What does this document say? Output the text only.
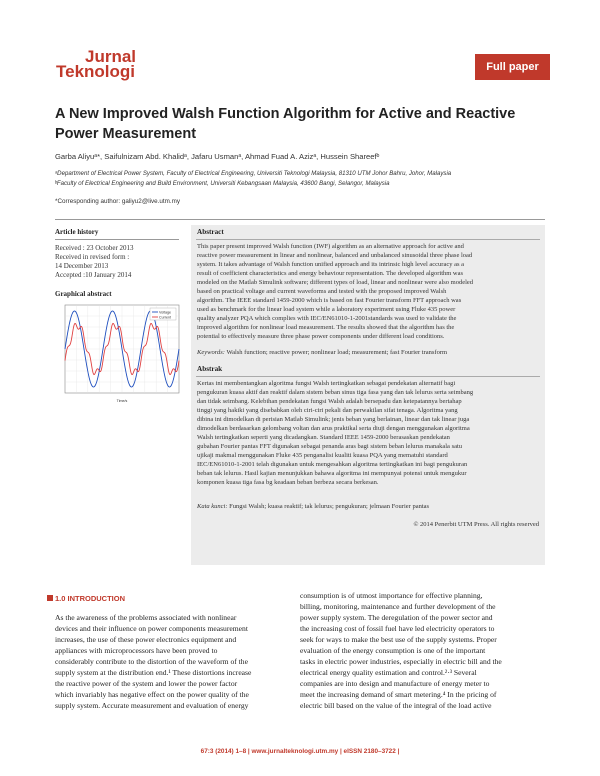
Jurnal
Teknologi	Full paper
A New Improved Walsh Function Algorithm for Active and Reactive
Power Measurement
Garba Aliyuᵃ*, Saifulnizam Abd. Khalidᵃ, Jafaru Usmanᵃ, Ahmad Fuad A. Azizᵃ, Hussein Shareefᵇ
ᵃDepartment of Electrical Power System, Faculty of Electrical Engineering, Universiti Teknologi Malaysia, 81310 UTM Johor Bahru, Johor, Malaysia
ᵇFaculty of Electrical Engineering and Build Environment, Universiti Kebangsaan Malaysia, 43600 Bangi, Selangor, Malaysia
*Corresponding author: galiyu2@live.utm.my
Article history
Received : 23 October 2013
Received in revised form :
14 December 2013
Accepted :10 January 2014
Graphical abstract
Voltage
Current
Time/s
Abstract
This paper present improved Walsh function (IWF) algorithm as an alternative approach for active and
reactive power measurement in linear and nonlinear, balanced and unbalanced sinusoidal three phase load
system. It takes advantage of Walsh function unified approach and its intrinsic high level accuracy as a
result of coefficient characteristics and energy behaviour representation. The developed algorithm was
modeled on the Matlab Simulink software; different types of load, linear and nonlinear were also modeled
based on practical voltage and current waveforms and tested with the proposed improved Walsh
algorithm. The IEEE standard 1459-2000 which is based on fast Fourier transform FFT approach was
used as benchmark for the linear load system while a laboratory experiment using Fluke 435 power
quality analyzer PQA which complies with IEC/EN61010-1-2001standards was used to validate the
improved algorithm for nonlinear load measurement. The results showed that the algorithm has the
potential to effectively measure three phase power components under different load conditions.
Keywords: Walsh function; reactive power; nonlinear load; measurement; fast Fourier transform
Abstrak
Kertas ini membentangkan algoritma fungsi Walsh tertingkatkan sebagai pendekatan alternatif bagi
pengukuran kuasa aktif dan reaktif dalam sistem beban sinus tiga fasa yang dan tak lelurus serta seimbang
dan tidak seimbang. Kelebihan pendekatan fungsi Walsh adalah bersepadu dan ketepatannya bertahap
tinggi yang hakiki yang disebabkan oleh ciri-ciri pekali dan perwakilan sifat tenaga. Algoritma yang
dibina ini dimodelkan di perisian Matlab Simulink; jenis beban yang berlainan, linear dan tak linear juga
dimodelkan berdasarkan gelombang voltan dan arus praktikal serta diuji dengan menggunakan algoritma
Walsh tertingkatkan seperti yang dicadangkan. Standard IEEE 1459-2000 berasaskan pendekatan
gubahan Fourier pantas FFT digunakan sebagai penanda aras bagi sistem beban lelurus manakala satu
ujikaji makmal menggunakan Fluke 435 penganalisi kualiti kuasa PQA yang mematuhi standard
IEC/EN61010-1-2001 telah digunakan untuk mengesahkan algoritma tertingkatkan ini bagi pengukuran
beban tak lelurus. Hasil kajian menunjukkan bahawa algoritma ini mempunyai potensi untuk mengukur
komponen kuasa tiga fasa bg keadaan beban berbeza secara berkesan.
Kata kunci: Fungsi Walsh; kuasa reaktif; tak lelurus; pengukuran; jelmaan Fourier pantas
© 2014 Penerbit UTM Press. All rights reserved
1.0 INTRODUCTION
As the awareness of the problems associated with nonlinear
devices and their influence on power components measurement
increases, the use of these power electronics equipment and
appliances with microprocessors have been proved to
considerably contribute to the distortion of the waveform of the
supply system at the distribution end.¹ These distortions increase
the reactive power of the system and lower the power factor
which invariably has negative effect on the power quality of the
supply system. Accurate measurement and evaluation of energy
consumption is of utmost importance for effective planning,
billing, monitoring, maintenance and further development of the
power supply system. The deregulation of the power sector and
the increasing cost of fossil fuel have led electricity operators to
seek for ways to make the best use of the supply systems. Proper
evaluation of the energy consumption is one of the important
tasks in electric power industries, especially in electric bill and the
electrical energy quality estimation and control.²·³ Several
companies are into design and manufacture of energy meter to
meet the increasing demand of smart metering.⁴ In the pricing of
electric bill based on the value of the integral of the load active
67:3 (2014) 1–8 | www.jurnalteknologi.utm.my | eISSN 2180–3722 |
